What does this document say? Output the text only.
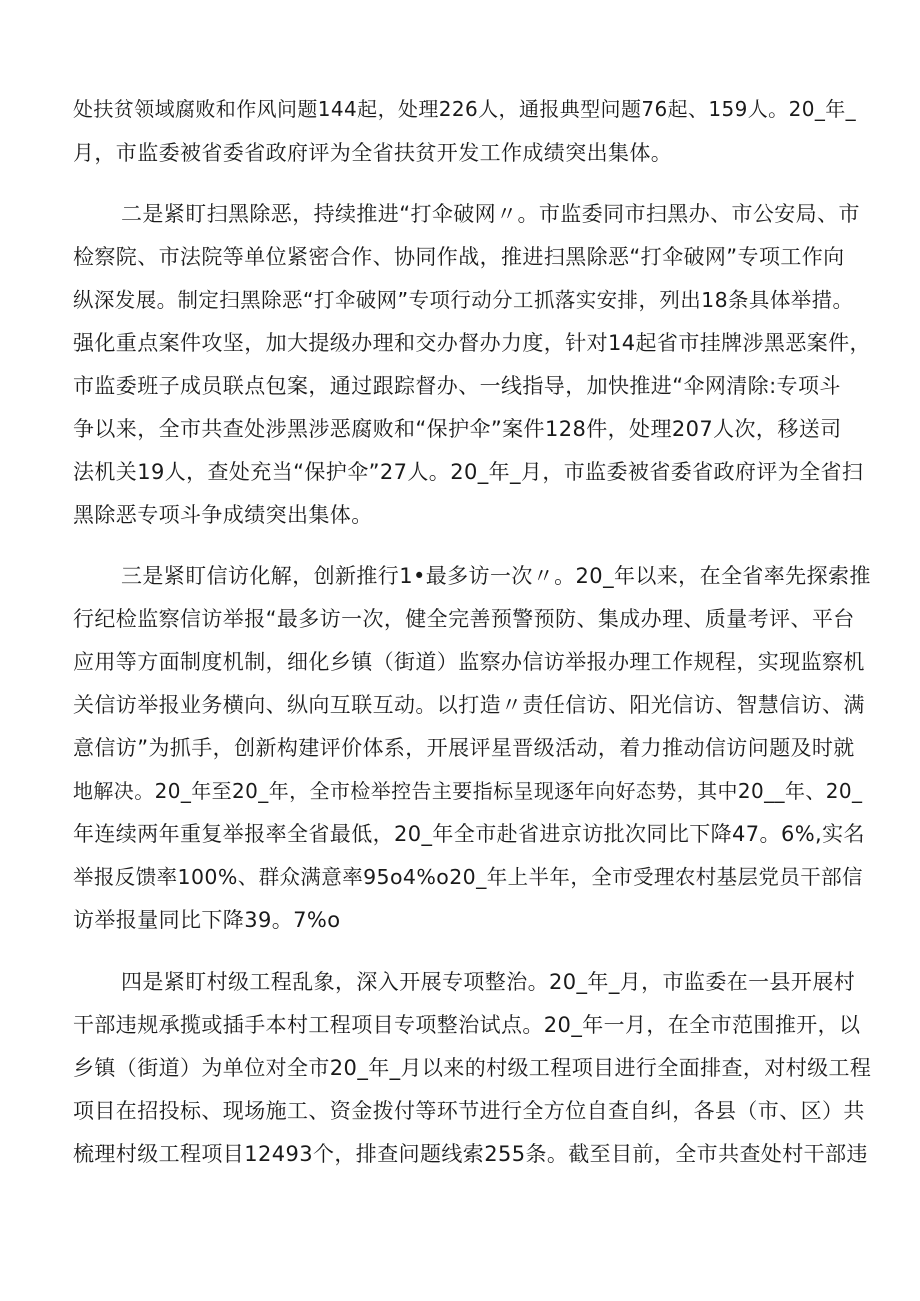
处扶贫领域腐败和作风问题144起，处理226人，通报典型问题76起、159人。20_年_
月，市监委被省委省政府评为全省扶贫开发工作成绩突出集体。
二是紧盯扫黑除恶，持续推进“打伞破网〃。市监委同市扫黑办、市公安局、市
检察院、市法院等单位紧密合作、协同作战，推进扫黑除恶“打伞破网”专项工作向
纵深发展。制定扫黑除恶“打伞破网”专项行动分工抓落实安排，列出18条具体举措。
强化重点案件攻坚，加大提级办理和交办督办力度，针对14起省市挂牌涉黑恶案件，
市监委班子成员联点包案，通过跟踪督办、一线指导，加快推进“伞网清除:专项斗
争以来，全市共查处涉黑涉恶腐败和“保护伞”案件128件，处理207人次，移送司
法机关19人，查处充当“保护伞”27人。20_年_月，市监委被省委省政府评为全省扫
黑除恶专项斗争成绩突出集体。
三是紧盯信访化解，创新推行1•最多访一次〃。20_年以来，在全省率先探索推
行纪检监察信访举报“最多访一次，健全完善预警预防、集成办理、质量考评、平台
应用等方面制度机制，细化乡镇（街道）监察办信访举报办理工作规程，实现监察机
关信访举报业务横向、纵向互联互动。以打造〃责任信访、阳光信访、智慧信访、满
意信访”为抓手，创新构建评价体系，开展评星晋级活动，着力推动信访问题及时就
地解决。20_年至20_年，全市检举控告主要指标呈现逐年向好态势，其中20__年、20_
年连续两年重复举报率全省最低，20_年全市赴省进京访批次同比下降47。6%,实名
举报反馈率100%、群众满意率95o4%o20_年上半年，全市受理农村基层党员干部信
访举报量同比下降39。7%o
四是紧盯村级工程乱象，深入开展专项整治。20_年_月，市监委在一县开展村
干部违规承揽或插手本村工程项目专项整治试点。20_年一月，在全市范围推开，以
乡镇（街道）为单位对全市20_年_月以来的村级工程项目进行全面排查，对村级工程
项目在招投标、现场施工、资金拨付等环节进行全方位自查自纠，各县（市、区）共
梳理村级工程项目12493个，排查问题线索255条。截至目前，全市共查处村干部违
